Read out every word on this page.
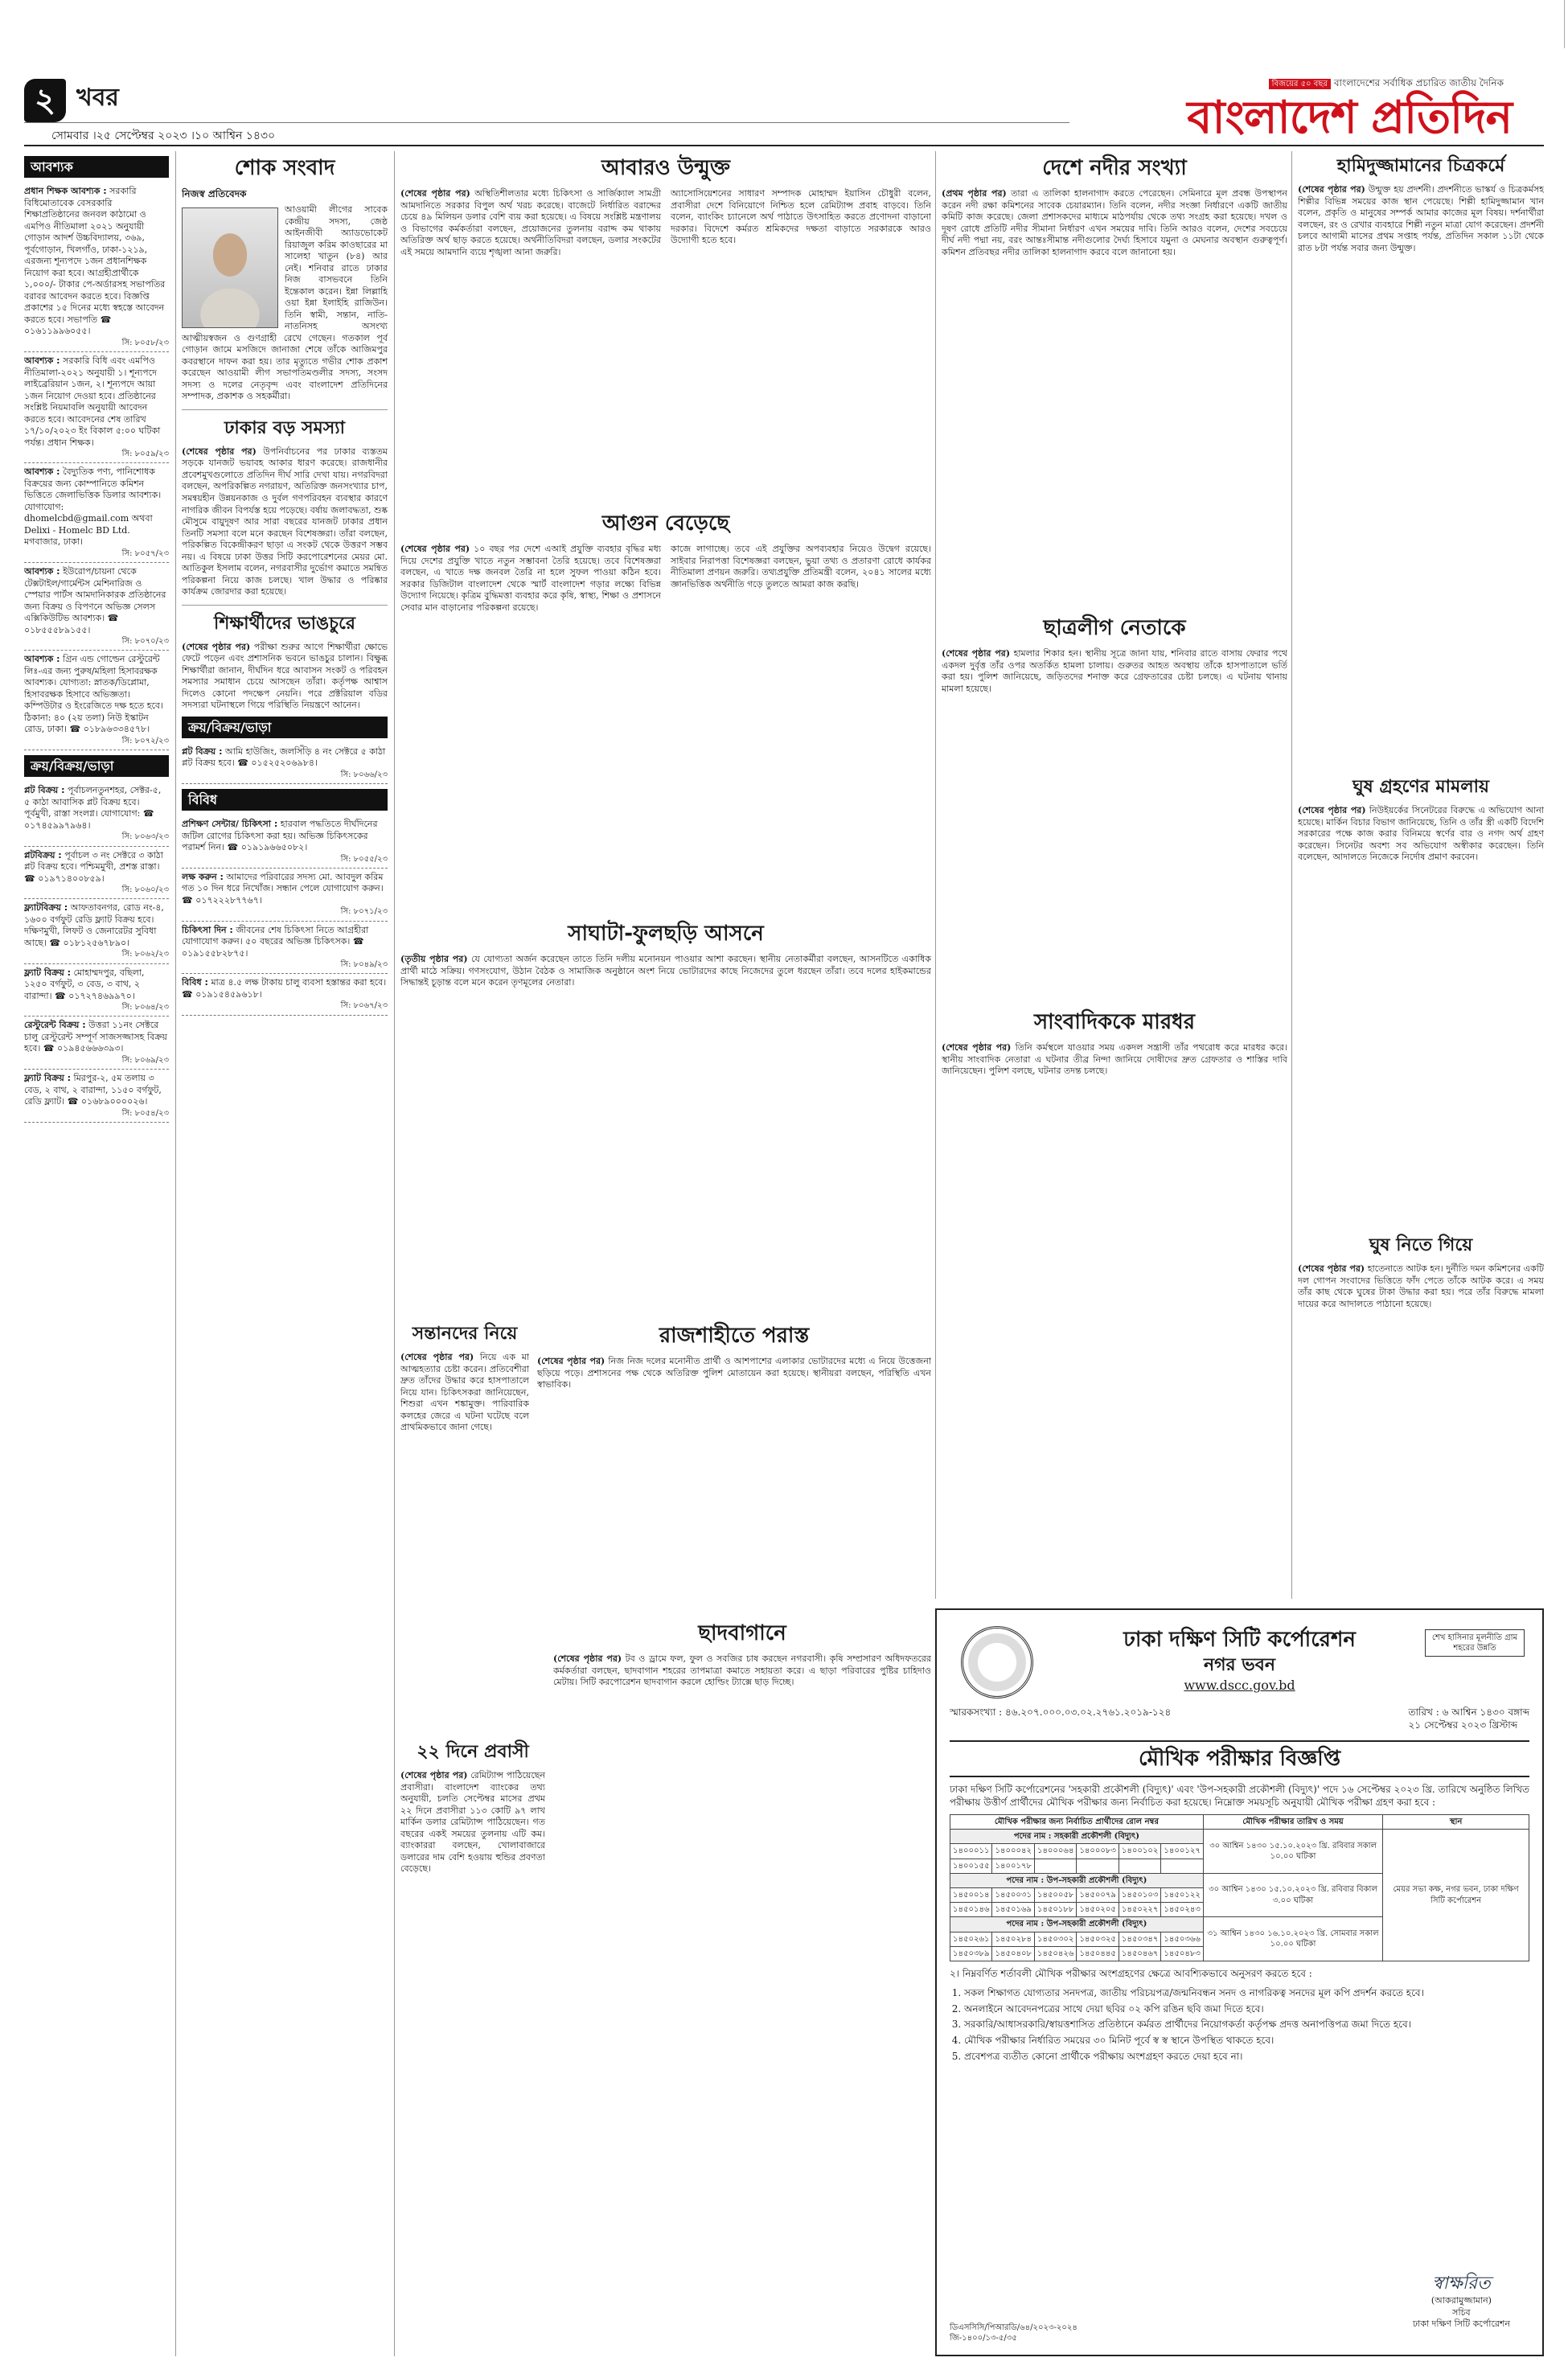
২ খবর
সোমবার ।২৫ সেপ্টেম্বর ২০২৩ ।১০ আশ্বিন ১৪৩০
বিজয়ের ৫০ বছর বাংলাদেশের সর্বাধিক প্রচারিত জাতীয় দৈনিক
বাংলাদেশ প্রতিদিন
আবশ্যক
প্রধান শিক্ষক আবশ্যক : সরকারি বিধিমোতাবেক বেসরকারি শিক্ষাপ্রতিষ্ঠানের জনবল কাঠামো ও এমপিও নীতিমালা ২০২১ অনুযায়ী গোড়ান আদর্শ উচ্চবিদ্যালয়, ৩৬৯, পূর্বগোড়ান, খিলগাঁও, ঢাকা-১২১৯, এরজন্য শূন্যপদে ১জন প্রধানশিক্ষক নিয়োগ করা হবে। আগ্রহীপ্রার্থীকে ১,০০০/- টাকার পে-অর্ডারসহ সভাপতির বরাবর আবেদন করতে হবে। বিজ্ঞপ্তি প্রকাশের ১৫ দিনের মধ্যে স্বহস্তে আবেদন করতে হবে। সভাপতি ☎ ০১৬১১৯৯৬০৫৫।
সি: ৮০৫৮/২৩
আবশ্যক : সরকারি বিধি এবং এমপিও নীতিমালা-২০২১ অনুযায়ী ১। শূন্যপদে লাইব্রেরিয়ান ১জন, ২। শূন্যপদে আয়া ১জন নিয়োগ দেওয়া হবে। প্রতিষ্ঠানের সংশ্লিষ্ট নিয়মাবলি অনুযায়ী আবেদন করতে হবে। আবেদনের শেষ তারিখ ১৭/১০/২০২৩ ইং বিকাল ৫:০০ ঘটিকা পর্যন্ত। প্রধান শিক্ষক।
সি: ৮০৫৯/২৩
আবশ্যক : বৈদ্যুতিক পণ্য, পানিশোধক বিক্রয়ের জন্য কোম্পানিতে কমিশন ভিত্তিতে জেলাভিত্তিক ডিলার আবশ্যক। যোগাযোগ: dhomelcbd@gmail.com অথবা Delixi - Homelc BD Ltd. মগবাজার, ঢাকা।
সি: ৮০৫৭/২৩
আবশ্যক : ইউরোপ/চায়না থেকে টেক্সটাইল/গার্মেন্টস মেশিনারিজ ও স্পেয়ার পার্টস আমদানিকারক প্রতিষ্ঠানের জন্য বিক্রয় ও বিপণনে অভিজ্ঞ সেলস এক্সিকিউটিভ আবশ্যক। ☎ ০১৮৫৫৫৮৯১৫৫।
সি: ৮০৭০/২৩
আবশ্যক : গ্রিন এন্ড গোল্ডেন রেস্টুরেন্ট লিঃ-এর জন্য পুরুষ/মহিলা হিসাবরক্ষক আবশ্যক। যোগ্যতা: স্নাতক/ডিপ্লোমা, হিসাবরক্ষক হিসাবে অভিজ্ঞতা। কম্পিউটার ও ইংরেজিতে দক্ষ হতে হবে। ঠিকানা: ৪০ (২য় তলা) নিউ ইস্কাটন রোড, ঢাকা। ☎ ০১৮৯৬৩৩৪৫৭৮।
সি: ৮০৭২/২৩
ক্রয়/বিক্রয়/ভাড়া
প্লট বিক্রয় : পূর্বাচলনতুনশহর, সেক্টর-৫, ৫ কাঠা আবাসিক প্লট বিক্রয় হবে। পূর্বমুখী, রাস্তা সংলগ্ন। যোগাযোগ: ☎ ০১৭৪৫৯৯৭৯৬৪।
সি: ৮০৬৩/২৩
প্লটবিক্রয় : পূর্বাচল ৩ নং সেক্টরে ৩ কাঠা প্লট বিক্রয় হবে। পশ্চিমমুখী, প্রশস্ত রাস্তা। ☎ ০১৯৭১৪০০৮৫৯।
সি: ৮০৬০/২৩
ফ্ল্যাটবিক্রয় : আফতাবনগর, রোড নং-৪, ১৬০০ বর্গফুট রেডি ফ্ল্যাট বিক্রয় হবে। দক্ষিণমুখী, লিফট ও জেনারেটর সুবিধা আছে। ☎ ০১৮১২৫৬৭৮৯০।
সি: ৮০৬২/২৩
ফ্ল্যাট বিক্রয় : মোহাম্মদপুর, বছিলা, ১২৫০ বর্গফুট, ৩ বেড, ৩ বাথ, ২ বারান্দা। ☎ ০১৭২৭৪৬৯৯৭০।
সি: ৮০৬৪/২৩
রেস্টুরেন্ট বিক্রয় : উত্তরা ১১নং সেক্টরে চালু রেস্টুরেন্ট সম্পূর্ণ সাজসজ্জাসহ বিক্রয় হবে। ☎ ০১৯৪৫৬৬৬৩৯৩।
সি: ৮০৬৯/২৩
ফ্ল্যাট বিক্রয় : মিরপুর-২, ৫ম তলায় ৩ বেড, ২ বাথ, ২ বারান্দা, ১১৫০ বর্গফুট, রেডি ফ্ল্যাট। ☎ ০১৬৮৯০০০০২৬।
সি: ৮০৫৪/২৩
শোক সংবাদ
নিজস্ব প্রতিবেদক

আওয়ামী লীগের সাবেক কেন্দ্রীয় সদস্য, জেষ্ঠ আইনজীবী অ্যাডভোকেট রিয়াজুল করিম কাওছারের মা সালেহা খাতুন (৮৪) আর নেই। শনিবার রাতে ঢাকার নিজ বাসভবনে তিনি ইন্তেকাল করেন। ইন্না লিল্লাহি ওয়া ইন্না ইলাইহি রাজিউন। তিনি স্বামী, সন্তান, নাতি-নাতনিসহ অসংখ্য আত্মীয়স্বজন ও গুণগ্রাহী রেখে গেছেন। গতকাল পূর্ব গোড়ান জামে মসজিদে জানাজা শেষে তাঁকে আজিমপুর কবরস্থানে দাফন করা হয়। তার মৃত্যুতে গভীর শোক প্রকাশ করেছেন আওয়ামী লীগ সভাপতিমণ্ডলীর সদস্য, সংসদ সদস্য ও দলের নেতৃবৃন্দ এবং বাংলাদেশ প্রতিদিনের সম্পাদক, প্রকাশক ও সহকর্মীরা।

ঢাকার বড় সমস্যা

(শেষের পৃষ্ঠার পর) উপনির্বাচনের পর ঢাকার ব্যস্ততম সড়কে যানজট ভয়াবহ আকার ধারণ করেছে। রাজধানীর প্রবেশমুখগুলোতে প্রতিদিন দীর্ঘ সারি দেখা যায়। নগরবিদরা বলছেন, অপরিকল্পিত নগরায়ণ, অতিরিক্ত জনসংখ্যার চাপ, সমন্বয়হীন উন্নয়নকাজ ও দুর্বল গণপরিবহন ব্যবস্থার কারণে নাগরিক জীবন বিপর্যস্ত হয়ে পড়েছে। বর্ষায় জলাবদ্ধতা, শুষ্ক মৌসুমে বায়ুদূষণ আর সারা বছরের যানজট ঢাকার প্রধান তিনটি সমস্যা বলে মনে করছেন বিশেষজ্ঞরা। তাঁরা বলছেন, পরিকল্পিত বিকেন্দ্রীকরণ ছাড়া এ সংকট থেকে উত্তরণ সম্ভব নয়। এ বিষয়ে ঢাকা উত্তর সিটি করপোরেশনের মেয়র মো. আতিকুল ইসলাম বলেন, নগরবাসীর দুর্ভোগ কমাতে সমন্বিত পরিকল্পনা নিয়ে কাজ চলছে। খাল উদ্ধার ও পরিষ্কার কার্যক্রম জোরদার করা হয়েছে।

শিক্ষার্থীদের ভাঙচুরে

(শেষের পৃষ্ঠার পর) পরীক্ষা শুরুর আগে শিক্ষার্থীরা ক্ষোভে ফেটে পড়েন এবং প্রশাসনিক ভবনে ভাঙচুর চালান। বিক্ষুব্ধ শিক্ষার্থীরা জানান, দীর্ঘদিন ধরে আবাসন সংকট ও পরিবহন সমস্যার সমাধান চেয়ে আসছেন তাঁরা। কর্তৃপক্ষ আশ্বাস দিলেও কোনো পদক্ষেপ নেয়নি। পরে প্রক্টরিয়াল বডির সদস্যরা ঘটনাস্থলে গিয়ে পরিস্থিতি নিয়ন্ত্রণে আনেন।

ক্রয়/বিক্রয়/ভাড়া
প্লট বিক্রয় : আমি হাউজিং, জলসিঁড়ি ৪ নং সেক্টরে ৫ কাঠা প্লট বিক্রয় হবে। ☎ ০১৫২৫২০৬৯৮৪।
সি: ৮০৬৬/২৩
বিবিধ
প্রশিক্ষণ সেন্টার/ চিকিৎসা : হারবাল পদ্ধতিতে দীর্ঘদিনের জটিল রোগের চিকিৎসা করা হয়। অভিজ্ঞ চিকিৎসকের পরামর্শ নিন। ☎ ০১৯১৯৬৬৫০৮২।
সি: ৮০৫৫/২৩
লক্ষ করুন : আমাদের পরিবারের সদস্য মো. আবদুল করিম গত ১০ দিন ধরে নিখোঁজ। সন্ধান পেলে যোগাযোগ করুন। ☎ ০১৭২২২৮৭৭৬৭।
সি: ৮০৭১/২৩
চিকিৎসা দিন : জীবনের শেষ চিকিৎসা নিতে আগ্রহীরা যোগাযোগ করুন। ৫০ বছরের অভিজ্ঞ চিকিৎসক। ☎ ০১৯১৫৫৮২৮৭৫।
সি: ৮০৪৯/২৩
বিবিধ : মাত্র ৪.৫ লক্ষ টাকায় চালু ব্যবসা হস্তান্তর করা হবে। ☎ ০১৯১৫৪৫৯৬১৮।
সি: ৮০৬৭/২৩
আবারও উন্মুক্ত

(শেষের পৃষ্ঠার পর) অস্থিতিশীলতার মধ্যে চিকিৎসা ও সার্জিক্যাল সামগ্রী আমদানিতে সরকার বিপুল অর্থ খরচ করেছে। বাজেটে নির্ধারিত বরাদ্দের চেয়ে ৪৯ মিলিয়ন ডলার বেশি ব্যয় করা হয়েছে। এ বিষয়ে সংশ্লিষ্ট মন্ত্রণালয় ও বিভাগের কর্মকর্তারা বলছেন, প্রয়োজনের তুলনায় বরাদ্দ কম থাকায় অতিরিক্ত অর্থ ছাড় করতে হয়েছে। অর্থনীতিবিদরা বলছেন, ডলার সংকটের এই সময়ে আমদানি ব্যয়ে শৃঙ্খলা আনা জরুরি।

অ্যাসোসিয়েশনের সাধারণ সম্পাদক মোহাম্মদ ইয়াসিন চৌধুরী বলেন, প্রবাসীরা দেশে বিনিয়োগে নিশ্চিত হলে রেমিট্যান্স প্রবাহ বাড়বে। তিনি বলেন, ব্যাংকিং চ্যানেলে অর্থ পাঠাতে উৎসাহিত করতে প্রণোদনা বাড়ানো দরকার। বিদেশে কর্মরত শ্রমিকদের দক্ষতা বাড়াতে সরকারকে আরও উদ্যোগী হতে হবে।

আগুন বেড়েছে

(শেষের পৃষ্ঠার পর) ১০ বছর পর দেশে এআই প্রযুক্তি ব্যবহার বৃদ্ধির মধ্য দিয়ে দেশের প্রযুক্তি খাতে নতুন সম্ভাবনা তৈরি হয়েছে। তবে বিশেষজ্ঞরা বলছেন, এ খাতে দক্ষ জনবল তৈরি না হলে সুফল পাওয়া কঠিন হবে। সরকার ডিজিটাল বাংলাদেশ থেকে স্মার্ট বাংলাদেশ গড়ার লক্ষ্যে বিভিন্ন উদ্যোগ নিয়েছে। কৃত্রিম বুদ্ধিমত্তা ব্যবহার করে কৃষি, স্বাস্থ্য, শিক্ষা ও প্রশাসনে সেবার মান বাড়ানোর পরিকল্পনা রয়েছে।

কাজে লাগাচ্ছে। তবে এই প্রযুক্তির অপব্যবহার নিয়েও উদ্বেগ রয়েছে। সাইবার নিরাপত্তা বিশেষজ্ঞরা বলছেন, ভুয়া তথ্য ও প্রতারণা রোধে কার্যকর নীতিমালা প্রণয়ন জরুরি। তথ্যপ্রযুক্তি প্রতিমন্ত্রী বলেন, ২০৪১ সালের মধ্যে জ্ঞানভিত্তিক অর্থনীতি গড়ে তুলতে আমরা কাজ করছি।

সাঘাটা-ফুলছড়ি আসনে

(তৃতীয় পৃষ্ঠার পর) যে যোগ্যতা অর্জন করেছেন তাতে তিনি দলীয় মনোনয়ন পাওয়ার আশা করছেন। স্থানীয় নেতাকর্মীরা বলছেন, আসনটিতে একাধিক প্রার্থী মাঠে সক্রিয়। গণসংযোগ, উঠান বৈঠক ও সামাজিক অনুষ্ঠানে অংশ নিয়ে ভোটারদের কাছে নিজেদের তুলে ধরছেন তাঁরা। তবে দলের হাইকমান্ডের সিদ্ধান্তই চূড়ান্ত বলে মনে করেন তৃণমূলের নেতারা।

সন্তানদের নিয়ে

(শেষের পৃষ্ঠার পর) নিয়ে এক মা আত্মহত্যার চেষ্টা করেন। প্রতিবেশীরা দ্রুত তাঁদের উদ্ধার করে হাসপাতালে নিয়ে যান। চিকিৎসকরা জানিয়েছেন, শিশুরা এখন শঙ্কামুক্ত। পারিবারিক কলহের জেরে এ ঘটনা ঘটেছে বলে প্রাথমিকভাবে জানা গেছে।

রাজশাহীতে পরাস্ত

(শেষের পৃষ্ঠার পর) নিজ নিজ দলের মনোনীত প্রার্থী ও আশপাশের এলাকার ভোটারদের মধ্যে এ নিয়ে উত্তেজনা ছড়িয়ে পড়ে। প্রশাসনের পক্ষ থেকে অতিরিক্ত পুলিশ মোতায়েন করা হয়েছে। স্থানীয়রা বলছেন, পরিস্থিতি এখন স্বাভাবিক।

২২ দিনে প্রবাসী

(শেষের পৃষ্ঠার পর) রেমিট্যান্স পাঠিয়েছেন প্রবাসীরা। বাংলাদেশ ব্যাংকের তথ্য অনুযায়ী, চলতি সেপ্টেম্বর মাসের প্রথম ২২ দিনে প্রবাসীরা ১১৩ কোটি ৯৭ লাখ মার্কিন ডলার রেমিট্যান্স পাঠিয়েছেন। গত বছরের একই সময়ের তুলনায় এটি কম। ব্যাংকাররা বলছেন, খোলাবাজারে ডলারের দাম বেশি হওয়ায় হুন্ডির প্রবণতা বেড়েছে।

ছাদবাগানে

(শেষের পৃষ্ঠার পর) টব ও ড্রামে ফল, ফুল ও সবজির চাষ করছেন নগরবাসী। কৃষি সম্প্রসারণ অধিদফতরের কর্মকর্তারা বলছেন, ছাদবাগান শহরের তাপমাত্রা কমাতে সহায়তা করে। এ ছাড়া পরিবারের পুষ্টির চাহিদাও মেটায়। সিটি করপোরেশন ছাদবাগান করলে হোল্ডিং ট্যাক্সে ছাড় দিচ্ছে।

দেশে নদীর সংখ্যা

(প্রথম পৃষ্ঠার পর) তারা এ তালিকা হালনাগাদ করতে পেরেছেন। সেমিনারে মূল প্রবন্ধ উপস্থাপন করেন নদী রক্ষা কমিশনের সাবেক চেয়ারম্যান। তিনি বলেন, নদীর সংজ্ঞা নির্ধারণে একটি জাতীয় কমিটি কাজ করেছে। জেলা প্রশাসকদের মাধ্যমে মাঠপর্যায় থেকে তথ্য সংগ্রহ করা হয়েছে। দখল ও দূষণ রোধে প্রতিটি নদীর সীমানা নির্ধারণ এখন সময়ের দাবি। তিনি আরও বলেন, দেশের সবচেয়ে দীর্ঘ নদী পদ্মা নয়, বরং আন্তঃসীমান্ত নদীগুলোর দৈর্ঘ্য হিসাবে যমুনা ও মেঘনার অবস্থান গুরুত্বপূর্ণ। কমিশন প্রতিবছর নদীর তালিকা হালনাগাদ করবে বলে জানানো হয়।

ছাত্রলীগ নেতাকে

(শেষের পৃষ্ঠার পর) হামলার শিকার হন। স্থানীয় সূত্রে জানা যায়, শনিবার রাতে বাসায় ফেরার পথে একদল দুর্বৃত্ত তাঁর ওপর অতর্কিত হামলা চালায়। গুরুতর আহত অবস্থায় তাঁকে হাসপাতালে ভর্তি করা হয়। পুলিশ জানিয়েছে, জড়িতদের শনাক্ত করে গ্রেফতারের চেষ্টা চলছে। এ ঘটনায় থানায় মামলা হয়েছে।

সাংবাদিককে মারধর

(শেষের পৃষ্ঠার পর) তিনি কর্মস্থলে যাওয়ার সময় একদল সন্ত্রাসী তাঁর পথরোধ করে মারধর করে। স্থানীয় সাংবাদিক নেতারা এ ঘটনার তীব্র নিন্দা জানিয়ে দোষীদের দ্রুত গ্রেফতার ও শাস্তির দাবি জানিয়েছেন। পুলিশ বলছে, ঘটনার তদন্ত চলছে।

হামিদুজ্জামানের চিত্রকর্মে

(শেষের পৃষ্ঠার পর) উন্মুক্ত হয় প্রদর্শনী। প্রদর্শনীতে ভাস্কর্য ও চিত্রকর্মসহ শিল্পীর বিভিন্ন সময়ের কাজ স্থান পেয়েছে। শিল্পী হামিদুজ্জামান খান বলেন, প্রকৃতি ও মানুষের সম্পর্ক আমার কাজের মূল বিষয়। দর্শনার্থীরা বলছেন, রং ও রেখার ব্যবহারে শিল্পী নতুন মাত্রা যোগ করেছেন। প্রদর্শনী চলবে আগামী মাসের প্রথম সপ্তাহ পর্যন্ত, প্রতিদিন সকাল ১১টা থেকে রাত ৮টা পর্যন্ত সবার জন্য উন্মুক্ত।

ঘুষ গ্রহণের মামলায়

(শেষের পৃষ্ঠার পর) নিউইয়র্কের সিনেটরের বিরুদ্ধে এ অভিযোগ আনা হয়েছে। মার্কিন বিচার বিভাগ জানিয়েছে, তিনি ও তাঁর স্ত্রী একটি বিদেশি সরকারের পক্ষে কাজ করার বিনিময়ে স্বর্ণের বার ও নগদ অর্থ গ্রহণ করেছেন। সিনেটর অবশ্য সব অভিযোগ অস্বীকার করেছেন। তিনি বলেছেন, আদালতে নিজেকে নির্দোষ প্রমাণ করবেন।

ঘুষ নিতে গিয়ে

(শেষের পৃষ্ঠার পর) হাতেনাতে আটক হন। দুর্নীতি দমন কমিশনের একটি দল গোপন সংবাদের ভিত্তিতে ফাঁদ পেতে তাঁকে আটক করে। এ সময় তাঁর কাছ থেকে ঘুষের টাকা উদ্ধার করা হয়। পরে তাঁর বিরুদ্ধে মামলা দায়ের করে আদালতে পাঠানো হয়েছে।

শেখ হাসিনার মূলনীতি গ্রাম শহরের উন্নতি
ঢাকা দক্ষিণ সিটি কর্পোরেশন
নগর ভবন
www.dscc.gov.bd
স্মারকসংখ্যা : ৪৬.২০৭.০০০.০৩.০২.২৭৬১.২০১৯-১২৪	তারিখ : ৬ আশ্বিন ১৪৩০ বঙ্গাব্দ
২১ সেপ্টেম্বর ২০২৩ খ্রিস্টাব্দ
মৌখিক পরীক্ষার বিজ্ঞপ্তি

ঢাকা দক্ষিণ সিটি কর্পোরেশনের 'সহকারী প্রকৌশলী (বিদ্যুৎ)' এবং 'উপ-সহকারী প্রকৌশলী (বিদ্যুৎ)' পদে ১৬ সেপ্টেম্বর ২০২৩ খ্রি. তারিখে অনুষ্ঠিত লিখিত পরীক্ষায় উত্তীর্ণ প্রার্থীদের মৌখিক পরীক্ষার জন্য নির্বাচিত করা হয়েছে। নিম্নোক্ত সময়সূচি অনুযায়ী মৌখিক পরীক্ষা গ্রহণ করা হবে :

মৌখিক পরীক্ষার জন্য নির্বাচিত প্রার্থীদের রোল নম্বর						মৌখিক পরীক্ষার তারিখ ও সময়	স্থান
পদের নাম : সহকারী প্রকৌশলী (বিদ্যুৎ)						৩০ আশ্বিন ১৪৩০ ১৫.১০.২০২৩ খ্রি. রবিবার সকাল ১০.০০ ঘটিকা	মেয়র সভা কক্ষ, নগর ভবন, ঢাকা দক্ষিণ সিটি কর্পোরেশন
১৪০০০১১	১৪০০০৪২	১৪০০০৬৪	১৪০০০৮৩	১৪০০১০২	১৪০০১২৭		
১৪০০১৫৫	১৪০০১৭৮						
পদের নাম : উপ-সহকারী প্রকৌশলী (বিদ্যুৎ)						৩০ আশ্বিন ১৪৩০ ১৫.১০.২০২৩ খ্রি. রবিবার বিকাল ৩.০০ ঘটিকা	
১৪৫০০১৪	১৪৫০০৩১	১৪৫০০৫৮	১৪৫০০৭৯	১৪৫০১০৩	১৪৫০১২২		
১৪৫০১৪৬	১৪৫০১৬৯	১৪৫০১৮৮	১৪৫০২০৫	১৪৫০২২৭	১৪৫০২৪৩		
পদের নাম : উপ-সহকারী প্রকৌশলী (বিদ্যুৎ)						৩১ আশ্বিন ১৪৩০ ১৬.১০.২০২৩ খ্রি. সোমবার সকাল ১০.০০ ঘটিকা	
১৪৫০২৬১	১৪৫০২৮৪	১৪৫০৩০২	১৪৫০৩২৫	১৪৫০৩৪৭	১৪৫০৩৬৬		
১৪৫০৩৮৯	১৪৫০৪০৮	১৪৫০৪২৬	১৪৫০৪৪৫	১৪৫০৪৬৭	১৪৫০৪৮৩		

২। নিম্নবর্ণিত শর্তাবলী মৌখিক পরীক্ষার অংশগ্রহণের ক্ষেত্রে আবশ্যিকভাবে অনুসরণ করতে হবে :

1. সকল শিক্ষাগত যোগ্যতার সনদপত্র, জাতীয় পরিচয়পত্র/জন্মনিবন্ধন সনদ ও নাগরিকত্ব সনদের মূল কপি প্রদর্শন করতে হবে।
2. অনলাইনে আবেদনপত্রের সাথে দেয়া ছবির ০২ কপি রঙিন ছবি জমা দিতে হবে।
3. সরকারি/আধাসরকারি/স্বায়ত্তশাসিত প্রতিষ্ঠানে কর্মরত প্রার্থীদের নিয়োগকর্তা কর্তৃপক্ষ প্রদত্ত অনাপত্তিপত্র জমা দিতে হবে।
4. মৌখিক পরীক্ষার নির্ধারিত সময়ের ৩০ মিনিট পূর্বে স্ব স্ব স্থানে উপস্থিত থাকতে হবে।
5. প্রবেশপত্র ব্যতীত কোনো প্রার্থীকে পরীক্ষায় অংশগ্রহণ করতে দেয়া হবে না।
স্বাক্ষরিত
(আকরামুজ্জামান)
সচিব
ঢাকা দক্ষিণ সিটি কর্পোরেশন
ডিএসসিসি/পিআরডি/৬৪/২০২৩-২০২৪
জি-১৪০০/১৩-৫/৩৫
